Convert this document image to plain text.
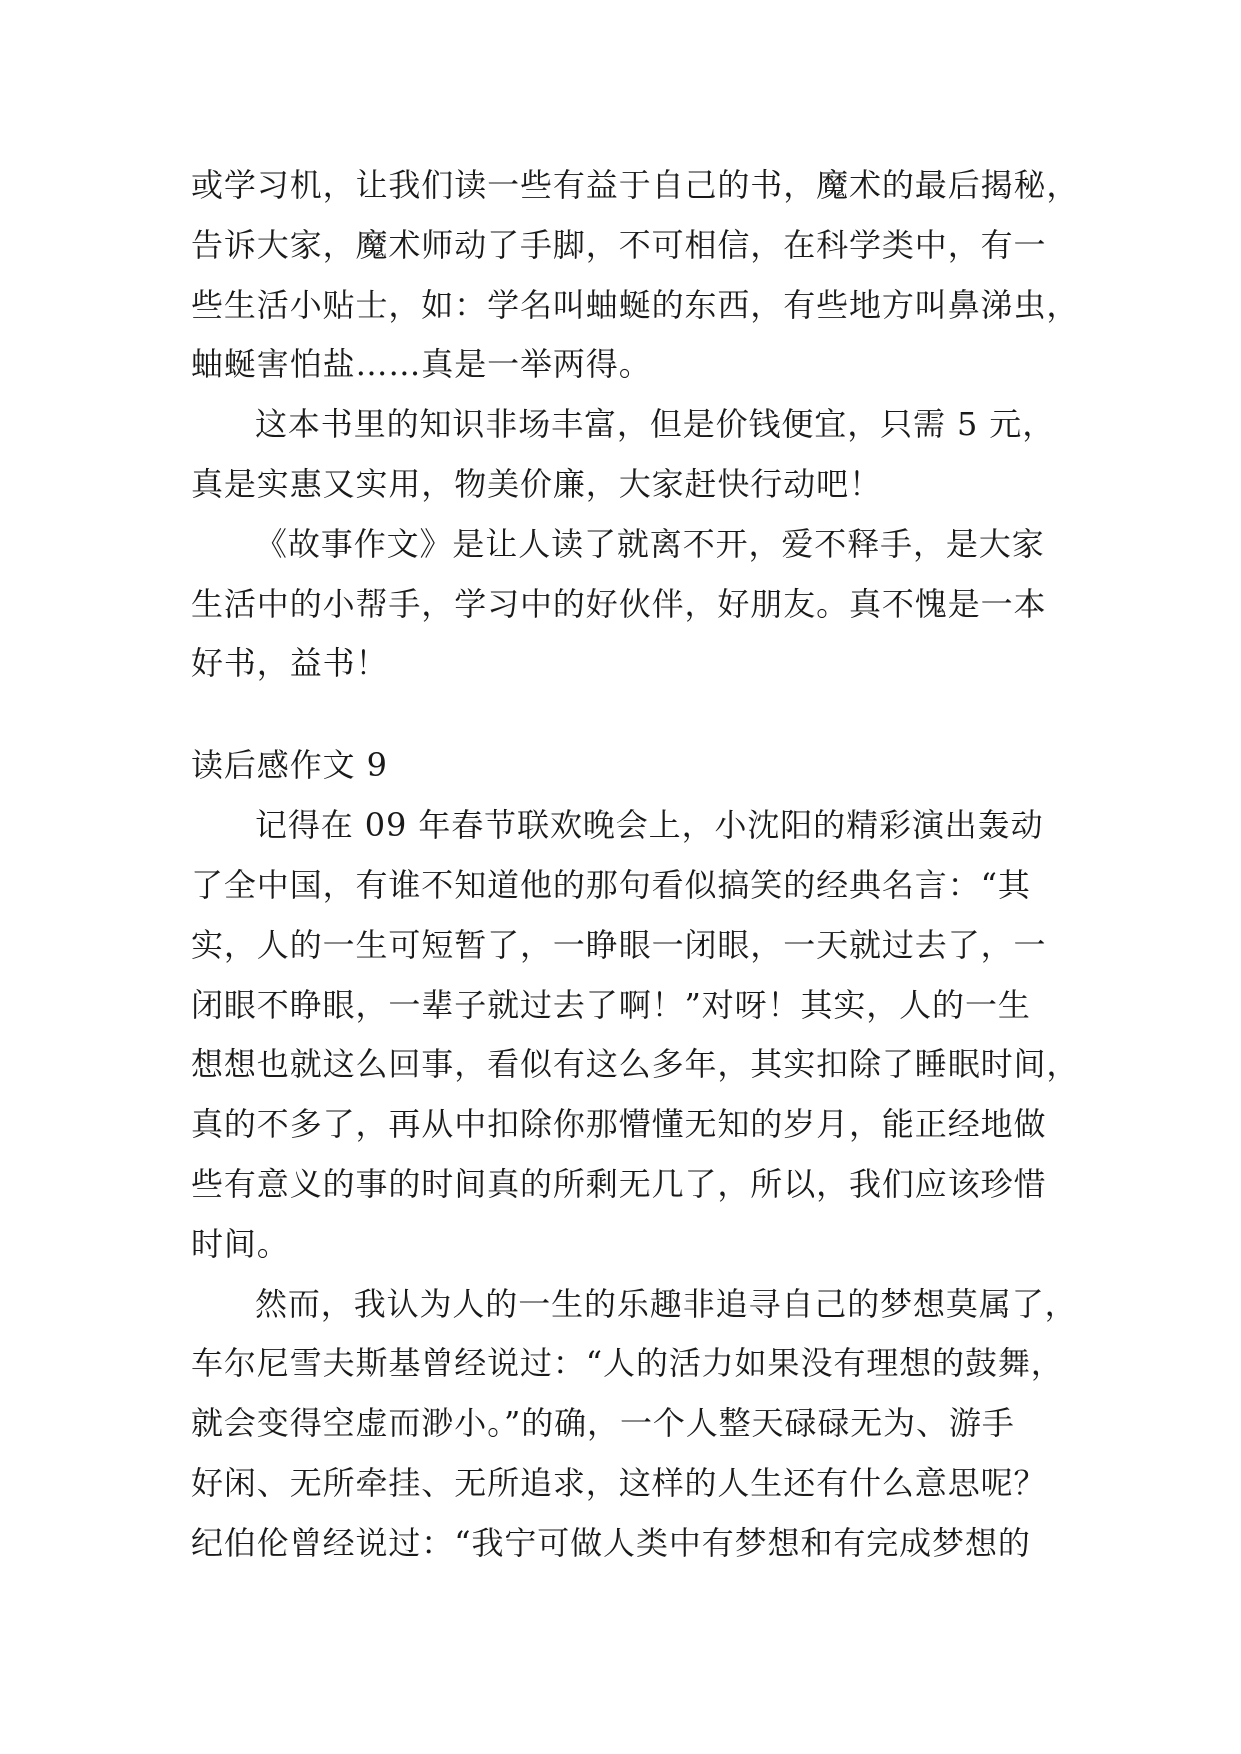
或学习机，让我们读一些有益于自己的书，魔术的最后揭秘，
告诉大家，魔术师动了手脚，不可相信，在科学类中，有一
些生活小贴士，如：学名叫蚰蜒的东西，有些地方叫鼻涕虫，
蚰蜒害怕盐……真是一举两得。
这本书里的知识非场丰富，但是价钱便宜，只需 5 元，
真是实惠又实用，物美价廉，大家赶快行动吧！
《故事作文》是让人读了就离不开，爱不释手，是大家
生活中的小帮手，学习中的好伙伴，好朋友。真不愧是一本
好书，益书！
读后感作文 9
记得在 09 年春节联欢晚会上，小沈阳的精彩演出轰动
了全中国，有谁不知道他的那句看似搞笑的经典名言：“其
实，人的一生可短暂了，一睁眼一闭眼，一天就过去了，一
闭眼不睁眼，一辈子就过去了啊！”对呀！其实，人的一生
想想也就这么回事，看似有这么多年，其实扣除了睡眠时间，
真的不多了，再从中扣除你那懵懂无知的岁月，能正经地做
些有意义的事的时间真的所剩无几了，所以，我们应该珍惜
时间。
然而，我认为人的一生的乐趣非追寻自己的梦想莫属了，
车尔尼雪夫斯基曾经说过：“人的活力如果没有理想的鼓舞，
就会变得空虚而渺小。”的确，一个人整天碌碌无为、游手
好闲、无所牵挂、无所追求，这样的人生还有什么意思呢？
纪伯伦曾经说过：“我宁可做人类中有梦想和有完成梦想的
